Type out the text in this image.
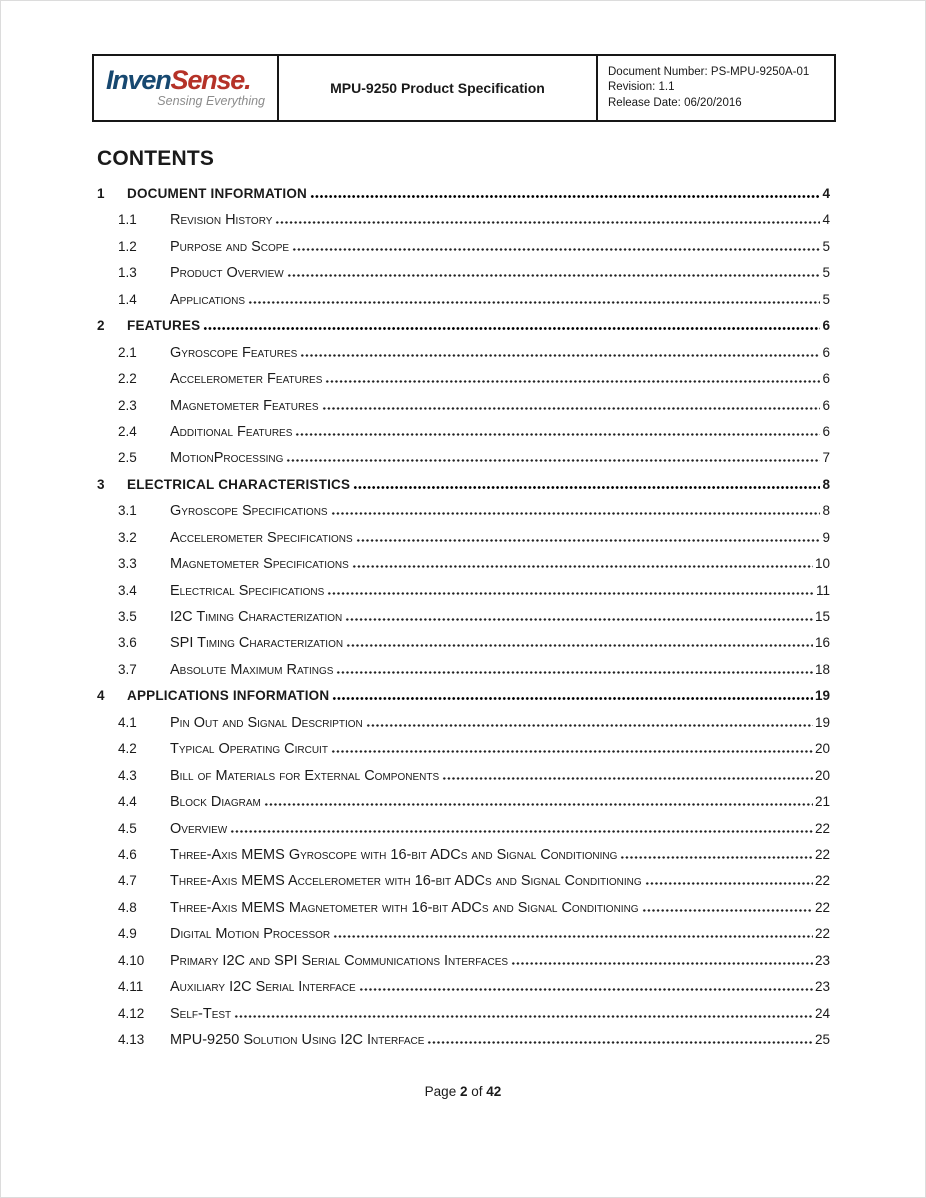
InvenSense.
Sensing Everything
MPU-9250 Product Specification
Document Number: PS-MPU-9250A-01
Revision: 1.1
Release Date: 06/20/2016
CONTENTS
1	DOCUMENT INFORMATION	4
1.1	Revision History	4
1.2	Purpose and Scope	5
1.3	Product Overview	5
1.4	Applications	5
2	FEATURES	6
2.1	Gyroscope Features	6
2.2	Accelerometer Features	6
2.3	Magnetometer Features	6
2.4	Additional Features	6
2.5	MotionProcessing	7
3	ELECTRICAL CHARACTERISTICS	8
3.1	Gyroscope Specifications	8
3.2	Accelerometer Specifications	9
3.3	Magnetometer Specifications	10
3.4	Electrical Specifications	11
3.5	I2C Timing Characterization	15
3.6	SPI Timing Characterization	16
3.7	Absolute Maximum Ratings	18
4	APPLICATIONS INFORMATION	19
4.1	Pin Out and Signal Description	19
4.2	Typical Operating Circuit	20
4.3	Bill of Materials for External Components	20
4.4	Block Diagram	21
4.5	Overview	22
4.6	Three-Axis MEMS Gyroscope with 16-bit ADCs and Signal Conditioning	22
4.7	Three-Axis MEMS Accelerometer with 16-bit ADCs and Signal Conditioning	22
4.8	Three-Axis MEMS Magnetometer with 16-bit ADCs and Signal Conditioning	22
4.9	Digital Motion Processor	22
4.10	Primary I2C and SPI Serial Communications Interfaces	23
4.11	Auxiliary I2C Serial Interface	23
4.12	Self-Test	24
4.13	MPU-9250 Solution Using I2C Interface	25
Page 2 of 42
